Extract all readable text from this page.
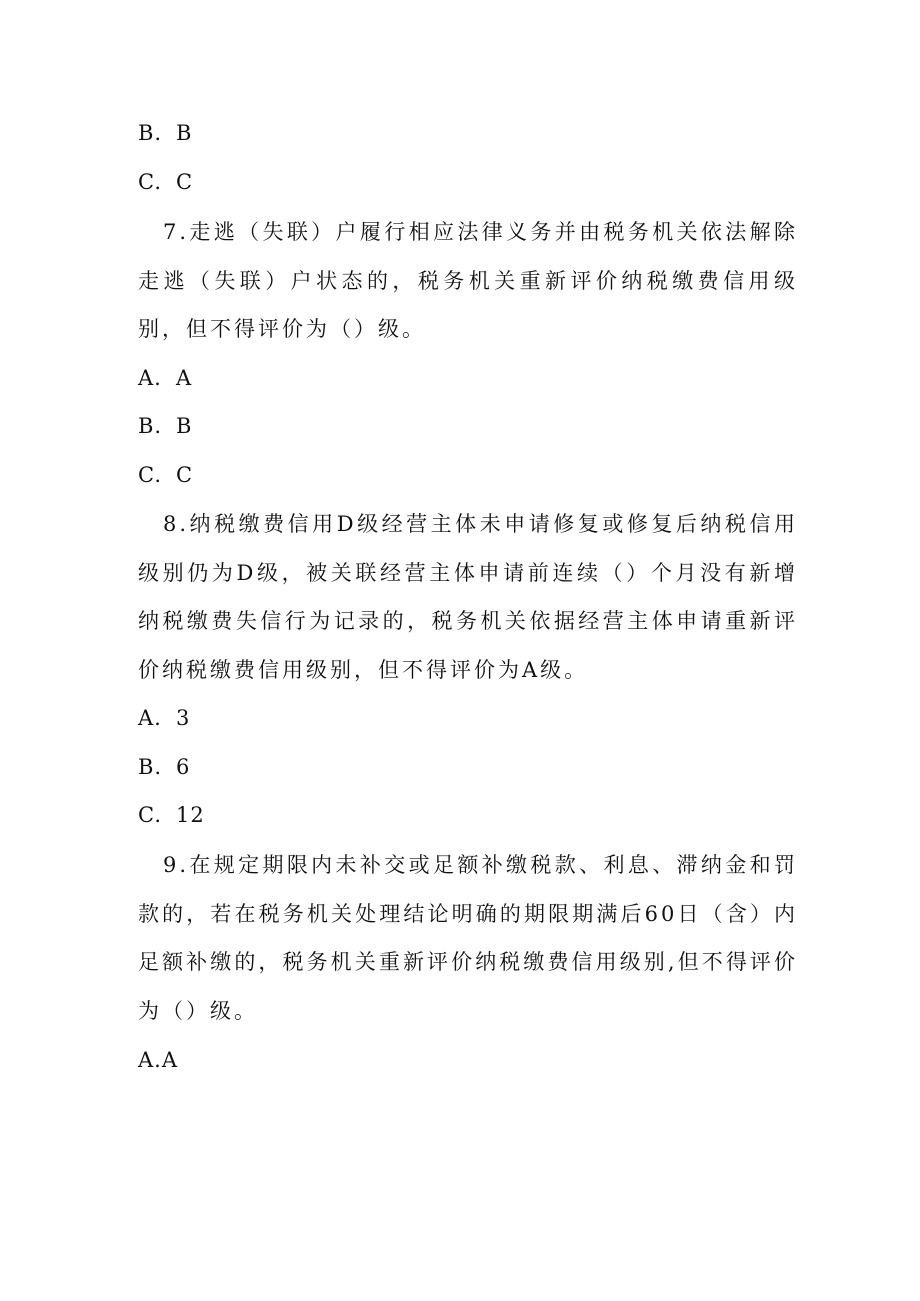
B. B
C. C
7.走逃（失联）户履行相应法律义务并由税务机关依法解除走逃（失联）户状态的，税务机关重新评价纳税缴费信用级别，但不得评价为（）级。
A. A
B. B
C. C
8.纳税缴费信用D级经营主体未申请修复或修复后纳税信用级别仍为D级，被关联经营主体申请前连续（）个月没有新增纳税缴费失信行为记录的，税务机关依据经营主体申请重新评价纳税缴费信用级别，但不得评价为A级。
A. 3
B. 6
C. 12
9.在规定期限内未补交或足额补缴税款、利息、滞纳金和罚款的，若在税务机关处理结论明确的期限期满后60日（含）内足额补缴的，税务机关重新评价纳税缴费信用级别,但不得评价为（）级。
A.A
